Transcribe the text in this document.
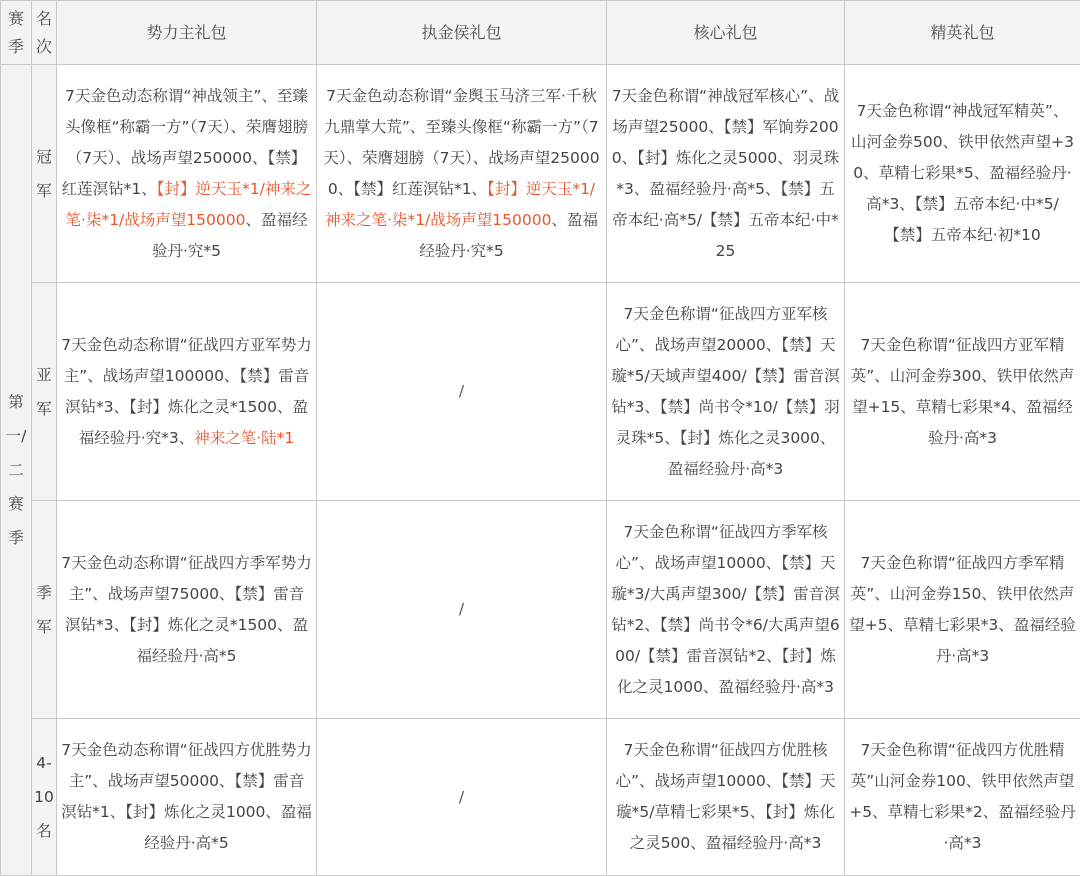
赛季	名次	势力主礼包	执金侯礼包	核心礼包	精英礼包
第一/二赛季	冠军	7天金色动态称谓“神战领主”、至臻头像框“称霸一方”（7天）、荣膺翅膀（7天）、战场声望250000、【禁】红莲溟钻*1、【封】逆天玉*1/神来之笔·柒*1/战场声望150000、盈福经验丹·究*5	7天金色动态称谓“金舆玉马济三军·千秋九鼎掌大荒”、至臻头像框“称霸一方”（7天）、荣膺翅膀（7天）、战场声望250000、【禁】红莲溟钻*1、【封】逆天玉*1/神来之笔·柒*1/战场声望150000、盈福经验丹·究*5	7天金色称谓“神战冠军核心”、战场声望25000、【禁】军饷券2000、【封】炼化之灵5000、羽灵珠*3、盈福经验丹·高*5、【禁】五帝本纪·高*5/【禁】五帝本纪·中*25	7天金色称谓“神战冠军精英”、山河金券500、铁甲依然声望+30、草精七彩果*5、盈福经验丹·高*3、【禁】五帝本纪·中*5/【禁】五帝本纪·初*10
	亚军	7天金色动态称谓“征战四方亚军势力主”、战场声望100000、【禁】雷音溟钻*3、【封】炼化之灵*1500、盈福经验丹·究*3、神来之笔·陆*1	/	7天金色称谓“征战四方亚军核心”、战场声望20000、【禁】天璇*5/天域声望400/【禁】雷音溟钻*3、【禁】尚书令*10/【禁】羽灵珠*5、【封】炼化之灵3000、盈福经验丹·高*3	7天金色称谓“征战四方亚军精英”、山河金券300、铁甲依然声望+15、草精七彩果*4、盈福经验丹·高*3
	季军	7天金色动态称谓“征战四方季军势力主”、战场声望75000、【禁】雷音溟钻*3、【封】炼化之灵*1500、盈福经验丹·高*5	/	7天金色称谓“征战四方季军核心”、战场声望10000、【禁】天璇*3/大禹声望300/【禁】雷音溟钻*2、【禁】尚书令*6/大禹声望600/【禁】雷音溟钻*2、【封】炼化之灵1000、盈福经验丹·高*3	7天金色称谓“征战四方季军精英”、山河金券150、铁甲依然声望+5、草精七彩果*3、盈福经验丹·高*3
	4-10名	7天金色动态称谓“征战四方优胜势力主”、战场声望50000、【禁】雷音溟钻*1、【封】炼化之灵1000、盈福经验丹·高*5	/	7天金色称谓“征战四方优胜核心”、战场声望10000、【禁】天璇*5/草精七彩果*5、【封】炼化之灵500、盈福经验丹·高*3	7天金色称谓“征战四方优胜精英”山河金券100、铁甲依然声望+5、草精七彩果*2、盈福经验丹·高*3
